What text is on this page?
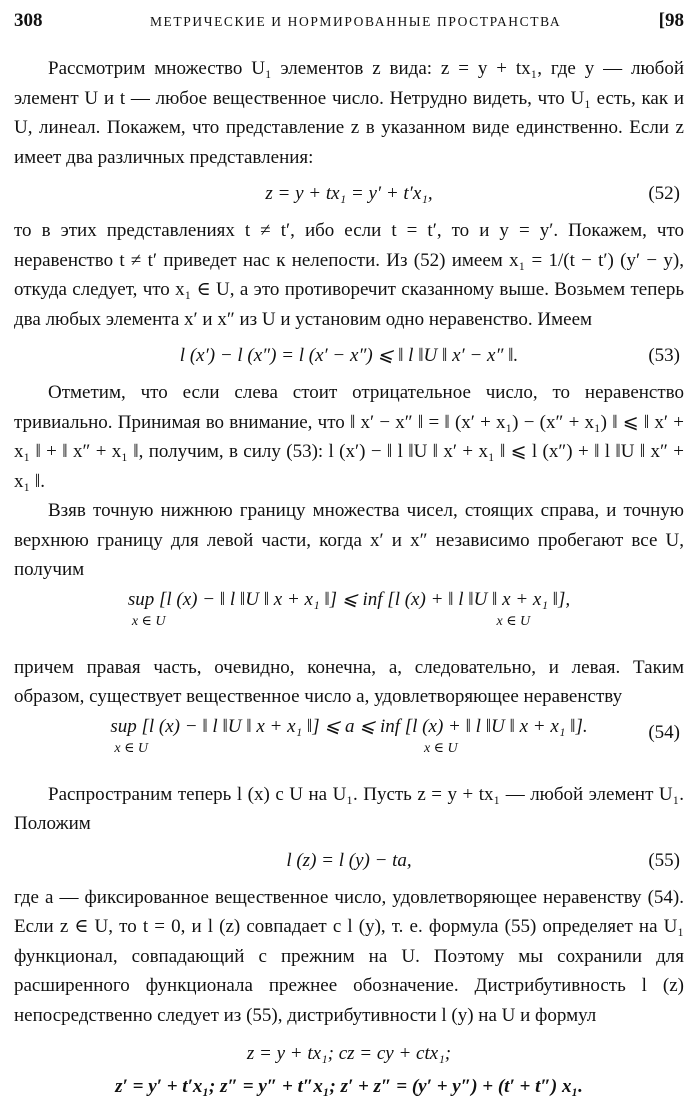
308	МЕТРИЧЕСКИЕ И НОРМИРОВАННЫЕ ПРОСТРАНСТВА	[98

Рассмотрим множество U₁ элементов z вида: z = y + tx₁, где y — любой элемент U и t — любое вещественное число. Нетрудно видеть, что U₁ есть, как и U, линеал. Покажем, что представление z в указанном виде единственно. Если z имеет два различных представления:

z = y + tx₁ = y′ + t′x₁,	(52)

то в этих представлениях t ≠ t′, ибо если t = t′, то и y = y′. Покажем, что неравенство t ≠ t′ приведет нас к нелепости. Из (52) имеем x₁ = 1/(t − t′) (y′ − y), откуда следует, что x₁ ∈ U, а это противоречит сказанному выше. Возьмем теперь два любых элемента x′ и x″ из U и установим одно неравенство. Имеем

l (x′) − l (x″) = l (x′ − x″) ⩽ ‖ l ‖U ‖ x′ − x″ ‖.	(53)

Отметим, что если слева стоит отрицательное число, то неравенство тривиально. Принимая во внимание, что ‖ x′ − x″ ‖ = ‖ (x′ + x₁) − (x″ + x₁) ‖ ⩽ ‖ x′ + x₁ ‖ + ‖ x″ + x₁ ‖, получим, в силу (53): l (x′) − ‖ l ‖U ‖ x′ + x₁ ‖ ⩽ l (x″) + ‖ l ‖U ‖ x″ + x₁ ‖.

Взяв точную нижнюю границу множества чисел, стоящих справа, и точную верхнюю границу для левой части, когда x′ и x″ независимо пробегают все U, получим

sup [l (x) − ‖ l ‖U ‖ x + x₁ ‖] ⩽ inf [l (x) + ‖ l ‖U ‖ x + x₁ ‖],
x ∈ U	x ∈ U

причем правая часть, очевидно, конечна, а, следовательно, и левая. Таким образом, существует вещественное число a, удовлетворяющее неравенству

sup [l (x) − ‖ l ‖U ‖ x + x₁ ‖] ⩽ a ⩽ inf [l (x) + ‖ l ‖U ‖ x + x₁ ‖].
x ∈ U	x ∈ U
(54)

Распространим теперь l (x) с U на U₁. Пусть z = y + tx₁ — любой элемент U₁. Положим

l (z) = l (y) − ta,	(55)

где a — фиксированное вещественное число, удовлетворяющее неравенству (54). Если z ∈ U, то t = 0, и l (z) совпадает с l (y), т. е. формула (55) определяет на U₁ функционал, совпадающий с прежним на U. Поэтому мы сохранили для расширенного функционала прежнее обозначение. Дистрибутивность l (z) непосредственно следует из (55), дистрибутивности l (y) на U и формул

z = y + tx₁; cz = cy + ctx₁;
z′ = y′ + t′x₁; z″ = y″ + t″x₁; z′ + z″ = (y′ + y″) + (t′ + t″) x₁.
